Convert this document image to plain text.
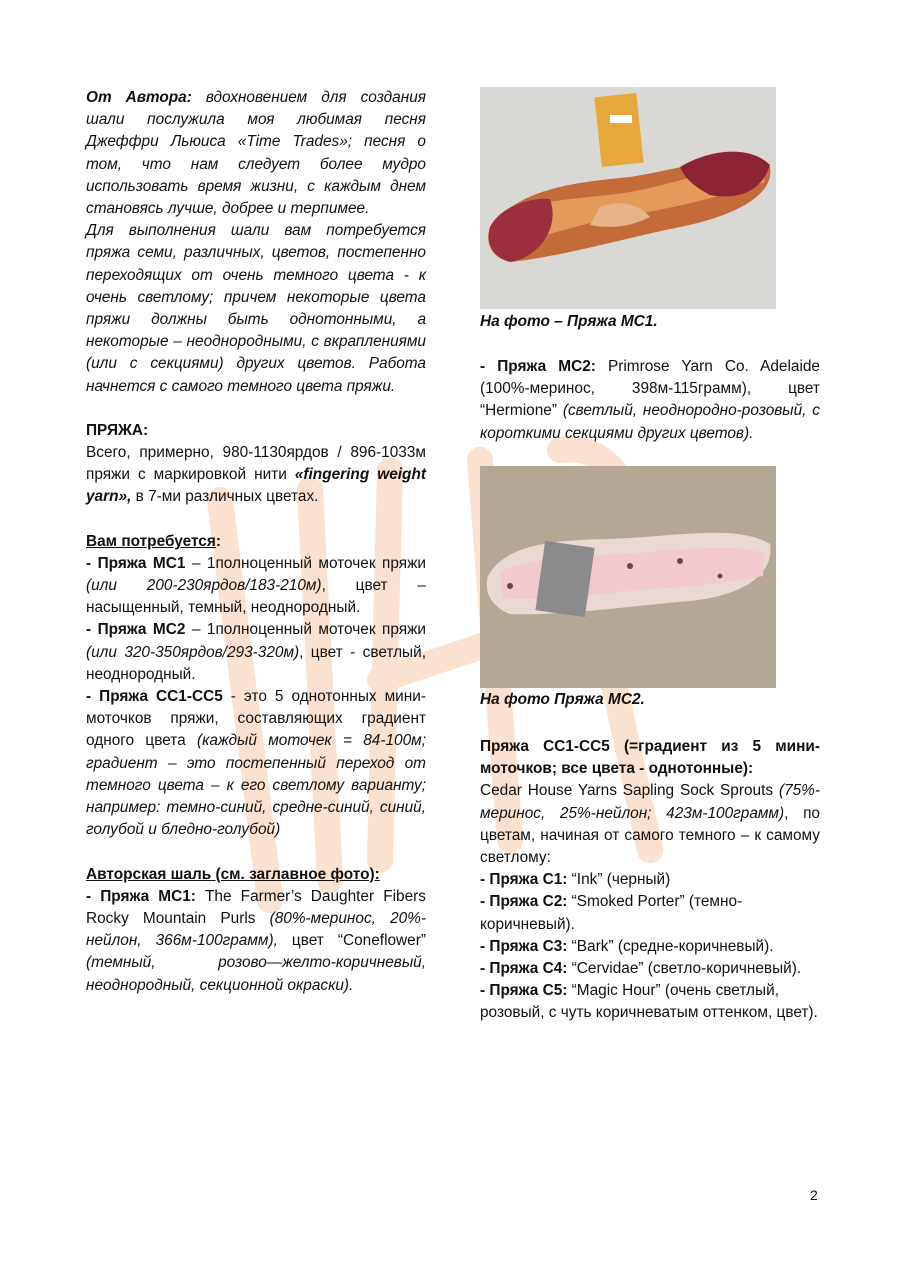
От Автора: вдохновением для создания шали послужила моя любимая песня Джеффри Льюиса «Time Trades»; песня о том, что нам следует более мудро использовать время жизни, с каждым днем становясь лучше, добрее и терпимее.

Для выполнения шали вам потребуется пряжа семи, различных, цветов, постепенно переходящих от очень темного цвета - к очень светлому; причем некоторые цвета пряжи должны быть однотонными, а некоторые – неоднородными, с вкраплениями (или с секциями) других цветов. Работа начнется с самого темного цвета пряжи.

ПРЯЖА:

Всего, примерно, 980-1130ярдов / 896-1033м пряжи с маркировкой нити «fingering weight yarn», в 7-ми различных цветах.

Вам потребуется:

- Пряжа МС1 – 1полноценный моточек пряжи (или 200-230ярдов/183-210м), цвет – насыщенный, темный, неоднородный.

- Пряжа МС2 – 1полноценный моточек пряжи (или 320-350ярдов/293-320м), цвет - светлый, неоднородный.

- Пряжа СС1-СС5 - это 5 однотонных мини-моточков пряжи, составляющих градиент одного цвета (каждый моточек = 84-100м; градиент – это постепенный переход от темного цвета – к его светлому варианту; например: темно-синий, средне-синий, синий, голубой и бледно-голубой)

Авторская шаль (см. заглавное фото):

- Пряжа МС1: The Farmer’s Daughter Fibers Rocky Mountain Purls (80%-меринос, 20%-нейлон, 366м-100грамм), цвет “Coneflower” (темный, розово—желто-коричневый, неоднородный, секционной окраски).

На фото – Пряжа МС1.
- Пряжа МС2: Primrose Yarn Co. Adelaide (100%-меринос, 398м-115грамм), цвет “Hermione” (светлый, неоднородно-розовый, с короткими секциями других цветов).
На фото Пряжа МС2.

Пряжа СС1-СС5 (=градиент из 5 мини-моточков; все цвета - однотонные):

Cedar House Yarns Sapling Sock Sprouts (75%-меринос, 25%-нейлон; 423м-100грамм), по цветам, начиная от самого темного – к самому светлому:

- Пряжа С1: “Ink” (черный)

- Пряжа С2: “Smoked Porter” (темно-коричневый).

- Пряжа С3: “Bark” (средне-коричневый).

- Пряжа С4: “Cervidae” (светло-коричневый).

- Пряжа С5: “Magic Hour” (очень светлый, розовый, с чуть коричневатым оттенком, цвет).

2
